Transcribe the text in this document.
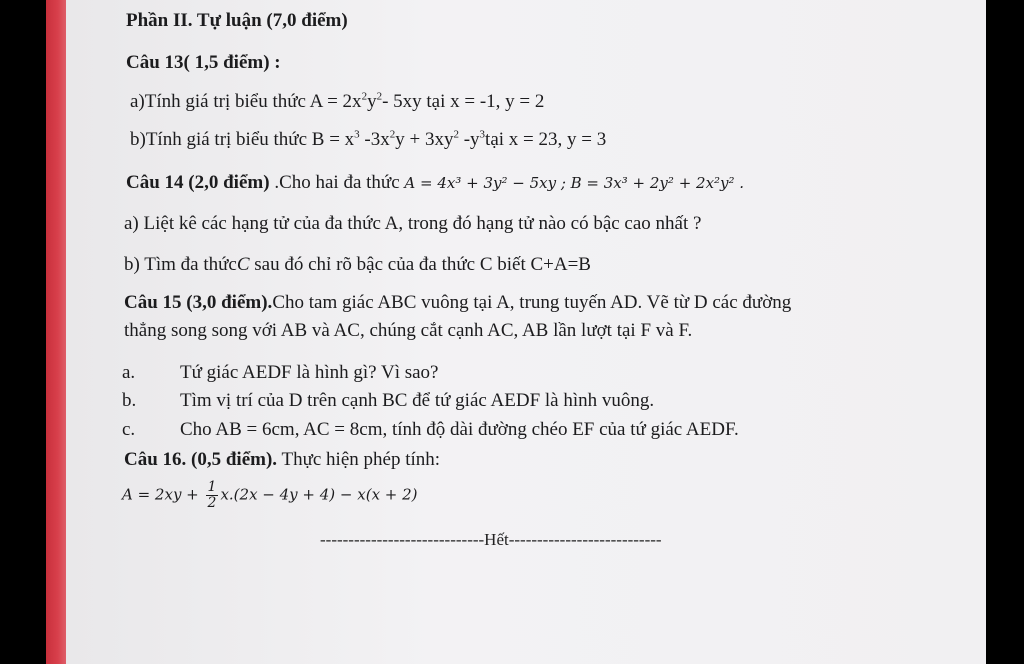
Phần II. Tự luận (7,0 điểm)
Câu 13( 1,5 điểm) :
a)Tính giá trị biểu thức $A = 2x^2y^2-$ 5xy tại x = -1, y = 2
b)Tính giá trị biểu thức $B = x^3$ $-3x^2y + 3xy^2$ $-y^3tại$ x = 23, y = 3
Câu 14 (2,0 điểm) .Cho hai đa thức A = 4x³ + 3y² − 5xy ; B = 3x³ + 2y² + 2x²y² .
a) Liệt kê các hạng tử của đa thức A, trong đó hạng tử nào có bậc cao nhất ?
b) Tìm đa thứcC sau đó chỉ rõ bậc của đa thức C biết C+A=B
Câu 15 (3,0 điểm).Cho tam giác ABC vuông tại A, trung tuyến AD. Vẽ từ D các đường
thẳng song song với AB và AC, chúng cắt cạnh AC, AB lần lượt tại F và F.
a. Tứ giác AEDF là hình gì? Vì sao?
b. Tìm vị trí của D trên cạnh BC để tứ giác AEDF là hình vuông.
c. Cho AB = 6cm, AC = 8cm, tính độ dài đường chéo EF của tứ giác AEDF.
Câu 16. (0,5 điểm). Thực hiện phép tính:
$A = 2xy + \frac{1}{2} x.(2x - 4y + 4) - x(x + 2)$
-----------------------------Hết---------------------------
